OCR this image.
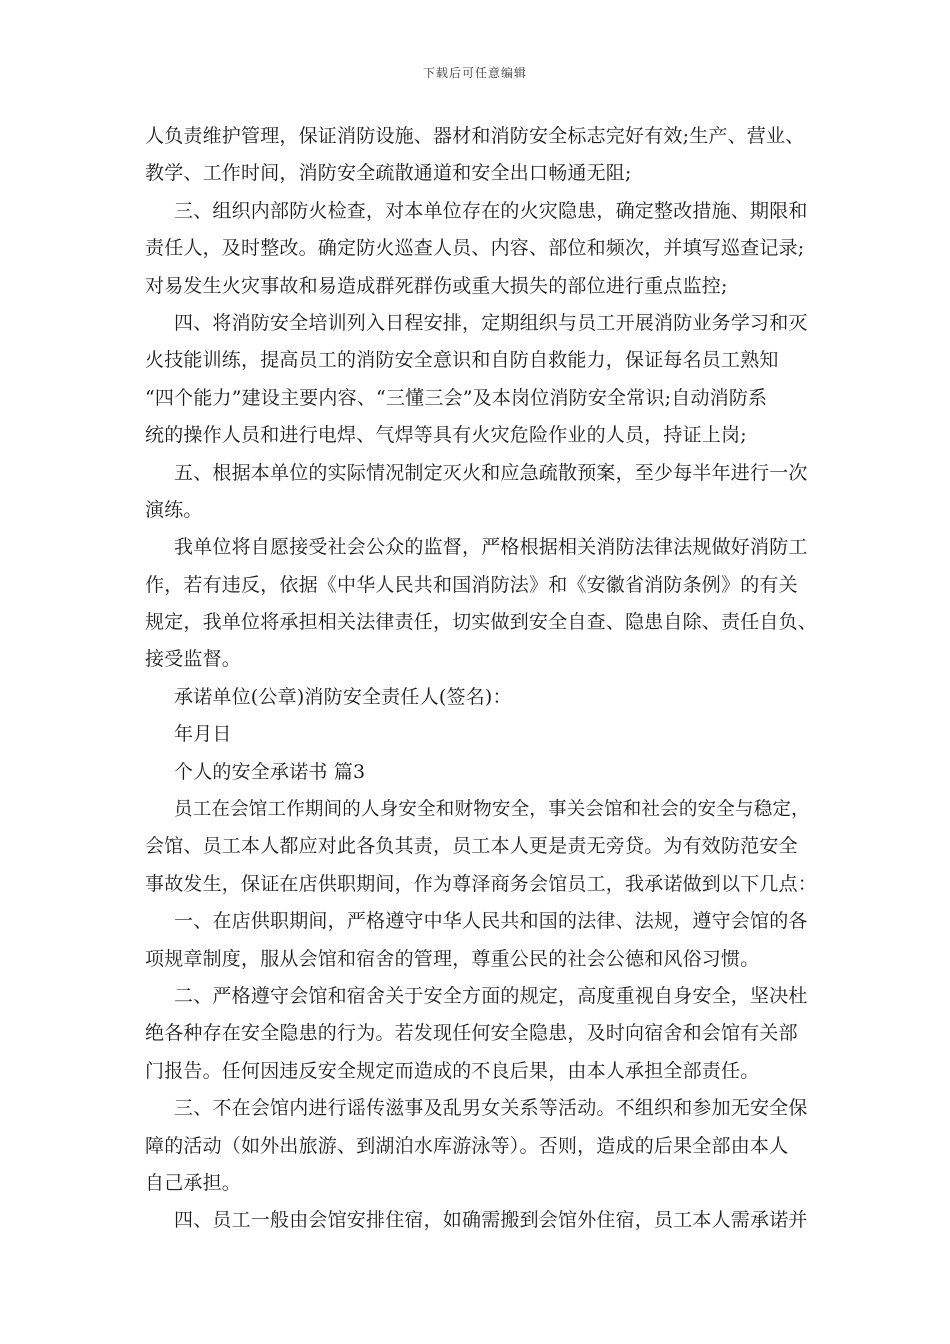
下载后可任意编辑
人负责维护管理，保证消防设施、器材和消防安全标志完好有效;生产、营业、
教学、工作时间，消防安全疏散通道和安全出口畅通无阻;
三、组织内部防火检查，对本单位存在的火灾隐患，确定整改措施、期限和
责任人，及时整改。确定防火巡查人员、内容、部位和频次，并填写巡查记录;
对易发生火灾事故和易造成群死群伤或重大损失的部位进行重点监控;
四、将消防安全培训列入日程安排，定期组织与员工开展消防业务学习和灭
火技能训练，提高员工的消防安全意识和自防自救能力，保证每名员工熟知
“四个能力”建设主要内容、“三懂三会”及本岗位消防安全常识;自动消防系
统的操作人员和进行电焊、气焊等具有火灾危险作业的人员，持证上岗;
五、根据本单位的实际情况制定灭火和应急疏散预案，至少每半年进行一次
演练。
我单位将自愿接受社会公众的监督，严格根据相关消防法律法规做好消防工
作，若有违反，依据《中华人民共和国消防法》和《安徽省消防条例》的有关
规定，我单位将承担相关法律责任，切实做到安全自查、隐患自除、责任自负、
接受监督。
承诺单位(公章)消防安全责任人(签名)：
年月日
个人的安全承诺书 篇3
员工在会馆工作期间的人身安全和财物安全，事关会馆和社会的安全与稳定，
会馆、员工本人都应对此各负其责，员工本人更是责无旁贷。为有效防范安全
事故发生，保证在店供职期间，作为尊泽商务会馆员工，我承诺做到以下几点：
一、在店供职期间，严格遵守中华人民共和国的法律、法规，遵守会馆的各
项规章制度，服从会馆和宿舍的管理，尊重公民的社会公德和风俗习惯。
二、严格遵守会馆和宿舍关于安全方面的规定，高度重视自身安全，坚决杜
绝各种存在安全隐患的行为。若发现任何安全隐患，及时向宿舍和会馆有关部
门报告。任何因违反安全规定而造成的不良后果，由本人承担全部责任。
三、不在会馆内进行谣传滋事及乱男女关系等活动。不组织和参加无安全保
障的活动（如外出旅游、到湖泊水库游泳等）。否则，造成的后果全部由本人
自己承担。
四、员工一般由会馆安排住宿，如确需搬到会馆外住宿，员工本人需承诺并
